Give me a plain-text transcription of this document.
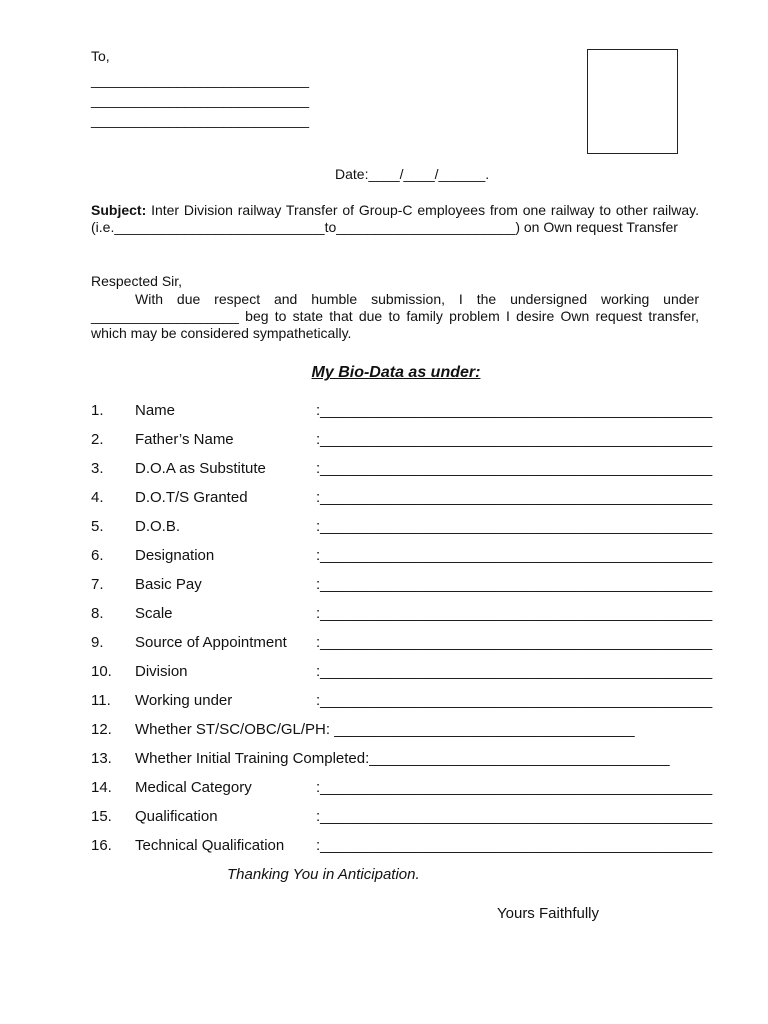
To,
____________________________
____________________________
____________________________
Date:____/____/______.
Subject: Inter Division railway Transfer of Group-C employees from one railway to other railway. (i.e.___________________________to_______________________) on Own request Transfer
Respected Sir,
With due respect and humble submission, I the undersigned working under ___________________ beg to state that due to family problem I desire Own request transfer, which may be considered sympathetically.
My Bio-Data as under:
1. Name	:_______________________________________________
2. Father’s Name	:_______________________________________________
3. D.O.A as Substitute	:_______________________________________________
4. D.O.T/S Granted	:_______________________________________________
5. D.O.B.	:_______________________________________________
6. Designation	:_______________________________________________
7. Basic Pay	:_______________________________________________
8. Scale	:_______________________________________________
9. Source of Appointment :_______________________________________________
10. Division	:_______________________________________________
11. Working under	:_______________________________________________
12. Whether ST/SC/OBC/GL/PH: ____________________________________
13. Whether Initial Training Completed:____________________________________
14. Medical Category	:_______________________________________________
15. Qualification	:_______________________________________________
16. Technical Qualification :_______________________________________________
Thanking You in Anticipation.
Yours Faithfully
